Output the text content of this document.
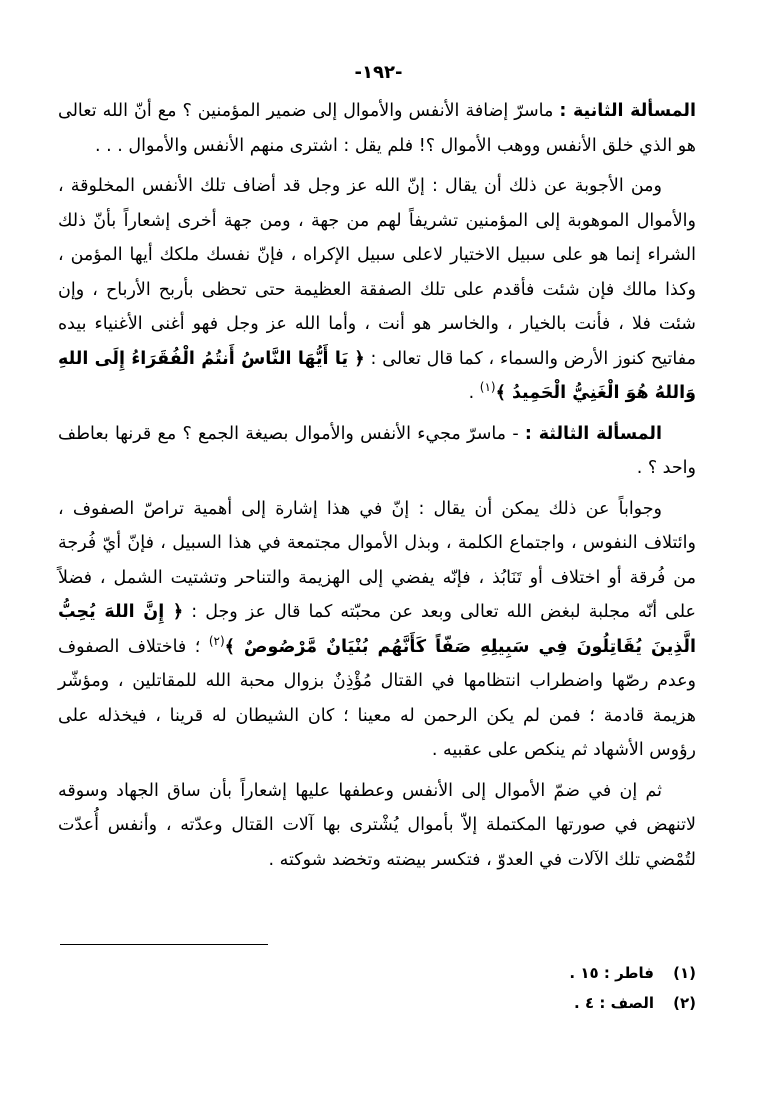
-١٩٢-

المسألة الثانية : ماسرّ إضافة الأنفس والأموال إلى ضمير المؤمنين ؟ مع أنّ الله تعالى هو الذي خلق الأنفس ووهب الأموال ؟! فلم يقل : اشترى منهم الأنفس والأموال . . .

ومن الأجوبة عن ذلك أن يقال : إنّ الله عز وجل قد أضاف تلك الأنفس المخلوقة ، والأموال الموهوبة إلى المؤمنين تشريفاً لهم من جهة ، ومن جهة أخرى إشعاراً بأنّ ذلك الشراء إنما هو على سبيل الاختيار لاعلى سبيل الإكراه ، فإنّ نفسك ملكك أيها المؤمن ، وكذا مالك فإن شئت فأقدم على تلك الصفقة العظيمة حتى تحظى بأربح الأرباح ، وإن شئت فلا ، فأنت بالخيار ، والخاسر هو أنت ، وأما الله عز وجل فهو أغنى الأغنياء بيده مفاتيح كنوز الأرض والسماء ، كما قال تعالى : ﴿ يَا أَيُّهَا النَّاسُ أَنتُمُ الْفُقَرَاءُ إِلَى اللهِ وَاللهُ هُوَ الْغَنِيُّ الْحَمِيدُ ﴾$^{(١)}$ .

المسألة الثالثة : - ماسرّ مجيء الأنفس والأموال بصيغة الجمع ؟ مع قرنها بعاطف واحد ؟ .

وجواباً عن ذلك يمكن أن يقال : إنّ في هذا إشارة إلى أهمية تراصّ الصفوف ، وائتلاف النفوس ، واجتماع الكلمة ، وبذل الأموال مجتمعة في هذا السبيل ، فإنّ أيّ فُرجة من فُرقة أو اختلاف أو تَنَابُذ ، فإنّه يفضي إلى الهزيمة والتناحر وتشتيت الشمل ، فضلاً على أنّه مجلبة لبغض الله تعالى وبعد عن محبّته كما قال عز وجل : ﴿ إِنَّ اللهَ يُحِبُّ الَّذِينَ يُقَاتِلُونَ فِي سَبِيلِهِ صَفّاً كَأَنَّهُم بُنْيَانٌ مَّرْصُوصٌ ﴾$^{(٢)}$ ؛ فاختلاف الصفوف وعدم رصّها واضطراب انتظامها في القتال مُؤْذِنٌ بزوال محبة الله للمقاتلين ، ومؤشّر هزيمة قادمة ؛ فمن لم يكن الرحمن له معينا ؛ كان الشيطان له قرينا ، فيخذله على رؤوس الأشهاد ثم ينكص على عقبيه .

ثم إن في ضمّ الأموال إلى الأنفس وعطفها عليها إشعاراً بأن ساق الجهاد وسوقه لاتنهض في صورتها المكتملة إلاّ بأموال يُشْترى بها آلات القتال وعدّته ، وأنفس أُعدّت لتُمْضي تلك الآلات في العدوّ ، فتكسر بيضته وتخضد شوكته .

(١)
فاطر : ١٥ .
(٢)
الصف : ٤ .
